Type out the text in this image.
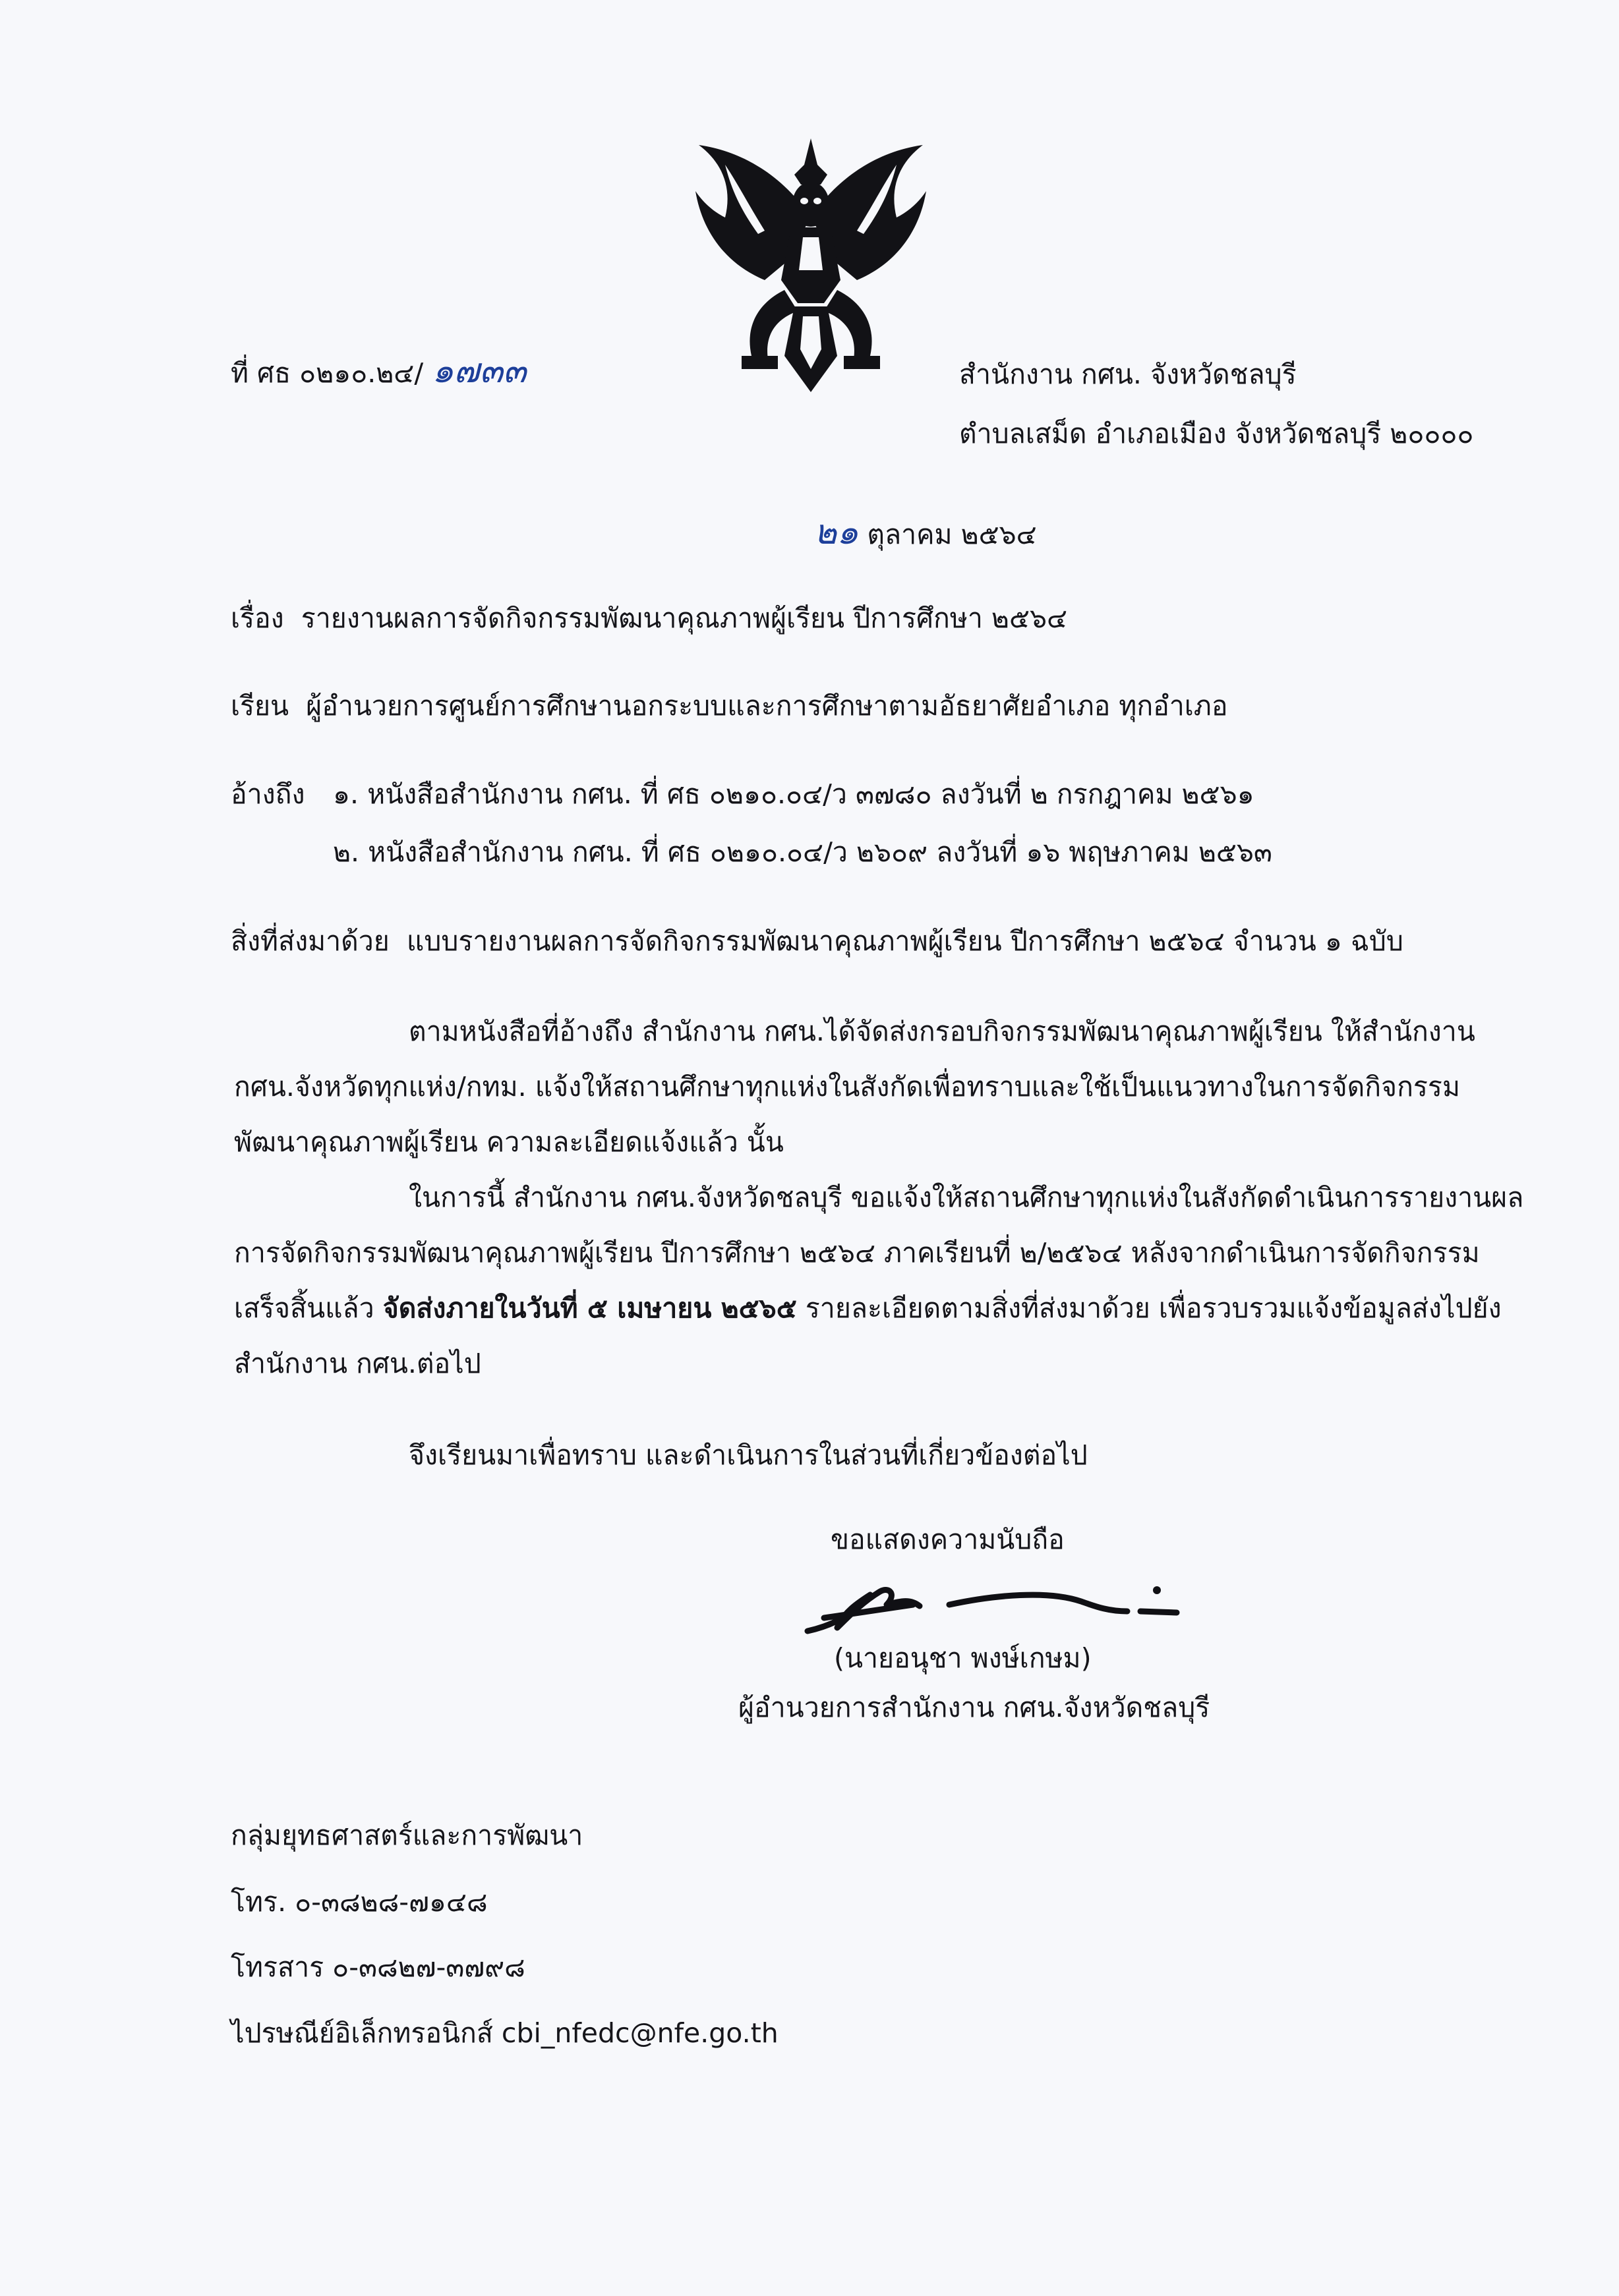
ที่ ศธ ๐๒๑๐.๒๔/ ๑๗๓๓	สำนักงาน กศน. จังหวัดชลบุรี
ตำบลเสม็ด อำเภอเมือง จังหวัดชลบุรี ๒๐๐๐๐
๒๑ ตุลาคม ๒๕๖๔
เรื่อง รายงานผลการจัดกิจกรรมพัฒนาคุณภาพผู้เรียน ปีการศึกษา ๒๕๖๔
เรียน ผู้อำนวยการศูนย์การศึกษานอกระบบและการศึกษาตามอัธยาศัยอำเภอ ทุกอำเภอ
อ้างถึง ๑. หนังสือสำนักงาน กศน. ที่ ศธ ๐๒๑๐.๐๔/ว ๓๗๘๐ ลงวันที่ ๒ กรกฎาคม ๒๕๖๑
๒. หนังสือสำนักงาน กศน. ที่ ศธ ๐๒๑๐.๐๔/ว ๒๖๐๙ ลงวันที่ ๑๖ พฤษภาคม ๒๕๖๓
สิ่งที่ส่งมาด้วย แบบรายงานผลการจัดกิจกรรมพัฒนาคุณภาพผู้เรียน ปีการศึกษา ๒๕๖๔ จำนวน ๑ ฉบับ

ตามหนังสือที่อ้างถึง สำนักงาน กศน.ได้จัดส่งกรอบกิจกรรมพัฒนาคุณภาพผู้เรียน ให้สำนักงาน

กศน.จังหวัดทุกแห่ง/กทม. แจ้งให้สถานศึกษาทุกแห่งในสังกัดเพื่อทราบและใช้เป็นแนวทางในการจัดกิจกรรม

พัฒนาคุณภาพผู้เรียน ความละเอียดแจ้งแล้ว นั้น

ในการนี้ สำนักงาน กศน.จังหวัดชลบุรี ขอแจ้งให้สถานศึกษาทุกแห่งในสังกัดดำเนินการรายงานผล

การจัดกิจกรรมพัฒนาคุณภาพผู้เรียน ปีการศึกษา ๒๕๖๔ ภาคเรียนที่ ๒/๒๕๖๔ หลังจากดำเนินการจัดกิจกรรม

เสร็จสิ้นแล้ว จัดส่งภายในวันที่ ๕ เมษายน ๒๕๖๕ รายละเอียดตามสิ่งที่ส่งมาด้วย เพื่อรวบรวมแจ้งข้อมูลส่งไปยัง

สำนักงาน กศน.ต่อไป

จึงเรียนมาเพื่อทราบ และดำเนินการในส่วนที่เกี่ยวข้องต่อไป
ขอแสดงความนับถือ
(นายอนุชา พงษ์เกษม)
ผู้อำนวยการสำนักงาน กศน.จังหวัดชลบุรี
กลุ่มยุทธศาสตร์และการพัฒนา
โทร. ๐-๓๘๒๘-๗๑๔๘
โทรสาร ๐-๓๘๒๗-๓๗๙๘
ไปรษณีย์อิเล็กทรอนิกส์ cbi_nfedc@nfe.go.th
